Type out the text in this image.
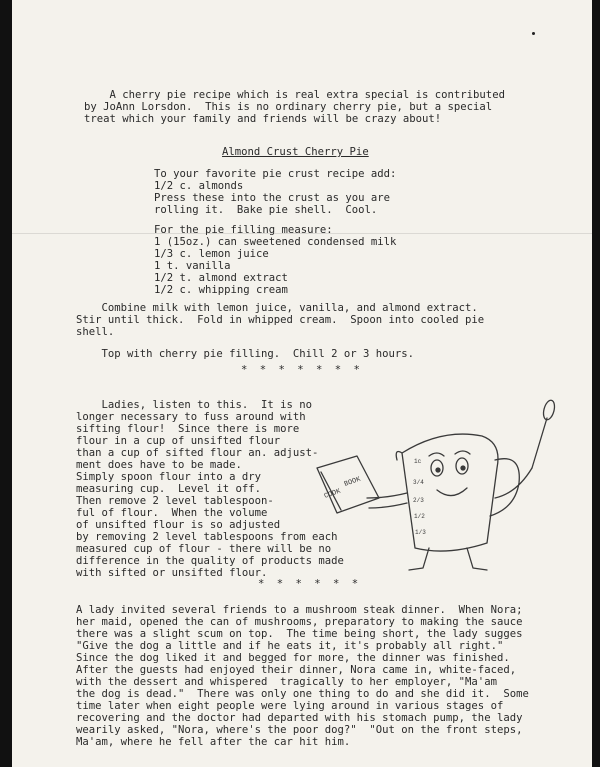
A cherry pie recipe which is real extra special is contributed
by JoAnn Lorsdon.  This is no ordinary cherry pie, but a special
treat which your family and friends will be crazy about!
Almond Crust Cherry Pie
To your favorite pie crust recipe add:
1/2 c. almonds
Press these into the crust as you are
rolling it.  Bake pie shell.  Cool.
For the pie filling measure:
1 (15oz.) can sweetened condensed milk
1/3 c. lemon juice
1 t. vanilla
1/2 t. almond extract
1/2 c. whipping cream
Combine milk with lemon juice, vanilla, and almond extract.
Stir until thick.  Fold in whipped cream.  Spoon into cooled pie
shell.
Top with cherry pie filling.  Chill 2 or 3 hours.
* * * * * * *
Ladies, listen to this.  It is no
longer necessary to fuss around with
sifting flour!  Since there is more
flour in a cup of unsifted flour
than a cup of sifted flour an. adjust-
ment does have to be made.
Simply spoon flour into a dry
measuring cup.  Level it off.
Then remove 2 level tablespoon-
ful of flour.  When the volume
of unsifted flour is so adjusted
by removing 2 level tablespoons from each
measured cup of flour - there will be no
difference in the quality of products made
with sifted or unsifted flour.
COOK
BOOK
1c
3/4
2/3
1/2
1/3
* * * * * *
A lady invited several friends to a mushroom steak dinner.  When Nora;
her maid, opened the can of mushrooms, preparatory to making the sauce
there was a slight scum on top.  The time being short, the lady sugges
"Give the dog a little and if he eats it, it's probably all right."
Since the dog liked it and begged for more, the dinner was finished.
After the guests had enjoyed their dinner, Nora came in, white-faced,
with the dessert and whispered  tragically to her employer, "Ma'am
the dog is dead."  There was only one thing to do and she did it.  Some
time later when eight people were lying around in various stages of
recovering and the doctor had departed with his stomach pump, the lady
wearily asked, "Nora, where's the poor dog?"  "Out on the front steps,
Ma'am, where he fell after the car hit him.
